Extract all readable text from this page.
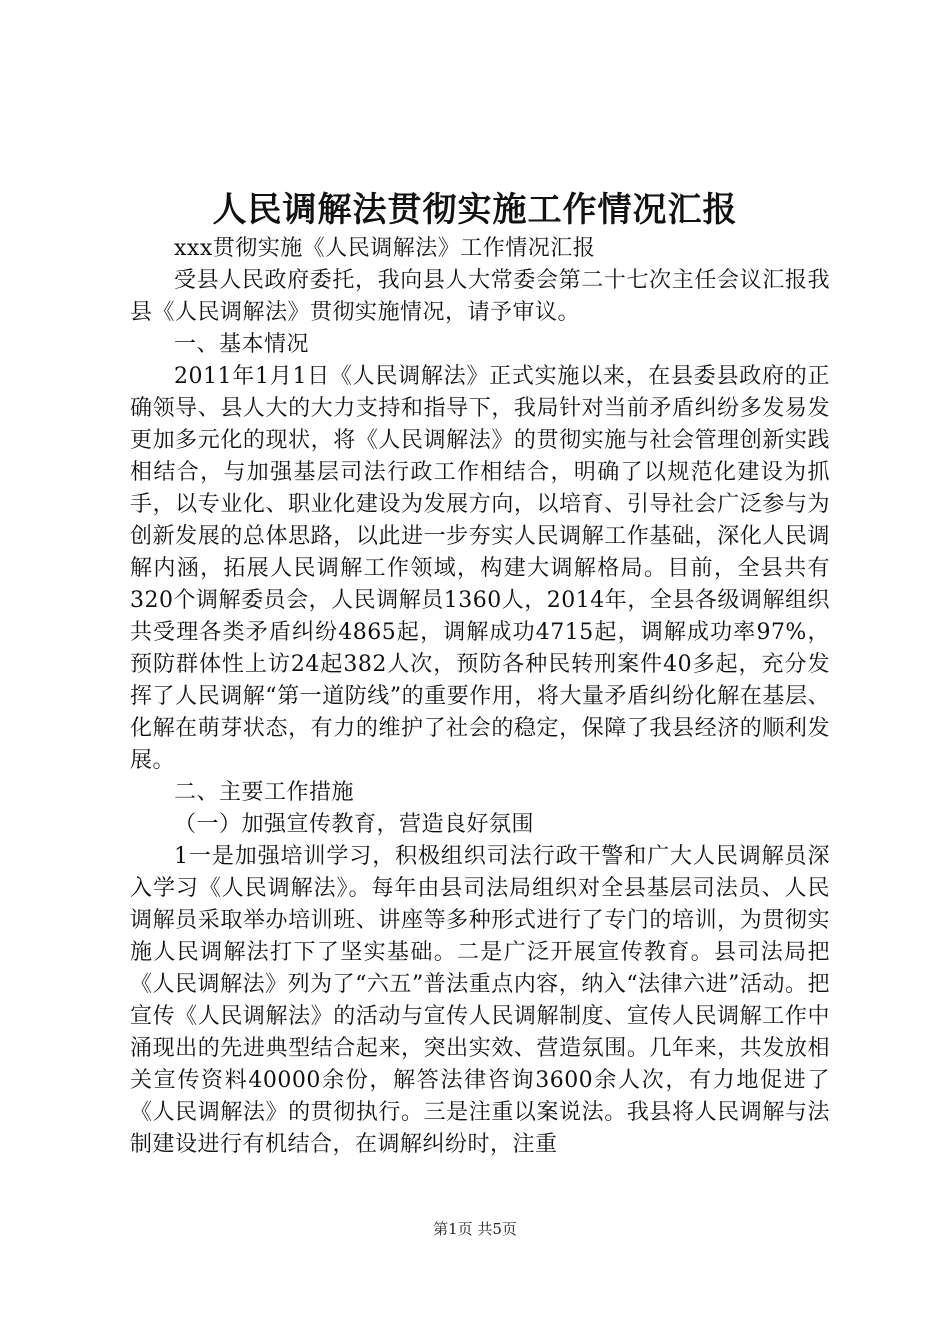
人民调解法贯彻实施工作情况汇报

xxx贯彻实施《人民调解法》工作情况汇报

受县人民政府委托，我向县人大常委会第二十七次主任会议汇报我县《人民调解法》贯彻实施情况，请予审议。

一、基本情况

2011年1月1日《人民调解法》正式实施以来，在县委县政府的正确领导、县人大的大力支持和指导下，我局针对当前矛盾纠纷多发易发更加多元化的现状，将《人民调解法》的贯彻实施与社会管理创新实践相结合，与加强基层司法行政工作相结合，明确了以规范化建设为抓手，以专业化、职业化建设为发展方向，以培育、引导社会广泛参与为创新发展的总体思路，以此进一步夯实人民调解工作基础，深化人民调解内涵，拓展人民调解工作领域，构建大调解格局。目前，全县共有320个调解委员会，人民调解员1360人，2014年，全县各级调解组织共受理各类矛盾纠纷4865起，调解成功4715起，调解成功率97%，预防群体性上访24起382人次，预防各种民转刑案件40多起，充分发挥了人民调解“第一道防线”的重要作用，将大量矛盾纠纷化解在基层、化解在萌芽状态，有力的维护了社会的稳定，保障了我县经济的顺利发展。

二、主要工作措施

（一）加强宣传教育，营造良好氛围

1一是加强培训学习，积极组织司法行政干警和广大人民调解员深入学习《人民调解法》。每年由县司法局组织对全县基层司法员、人民调解员采取举办培训班、讲座等多种形式进行了专门的培训，为贯彻实施人民调解法打下了坚实基础。二是广泛开展宣传教育。县司法局把《人民调解法》列为了“六五”普法重点内容，纳入“法律六进”活动。把宣传《人民调解法》的活动与宣传人民调解制度、宣传人民调解工作中涌现出的先进典型结合起来，突出实效、营造氛围。几年来，共发放相关宣传资料40000余份，解答法律咨询3600余人次，有力地促进了《人民调解法》的贯彻执行。三是注重以案说法。我县将人民调解与法制建设进行有机结合，在调解纠纷时，注重

第1页 共5页
